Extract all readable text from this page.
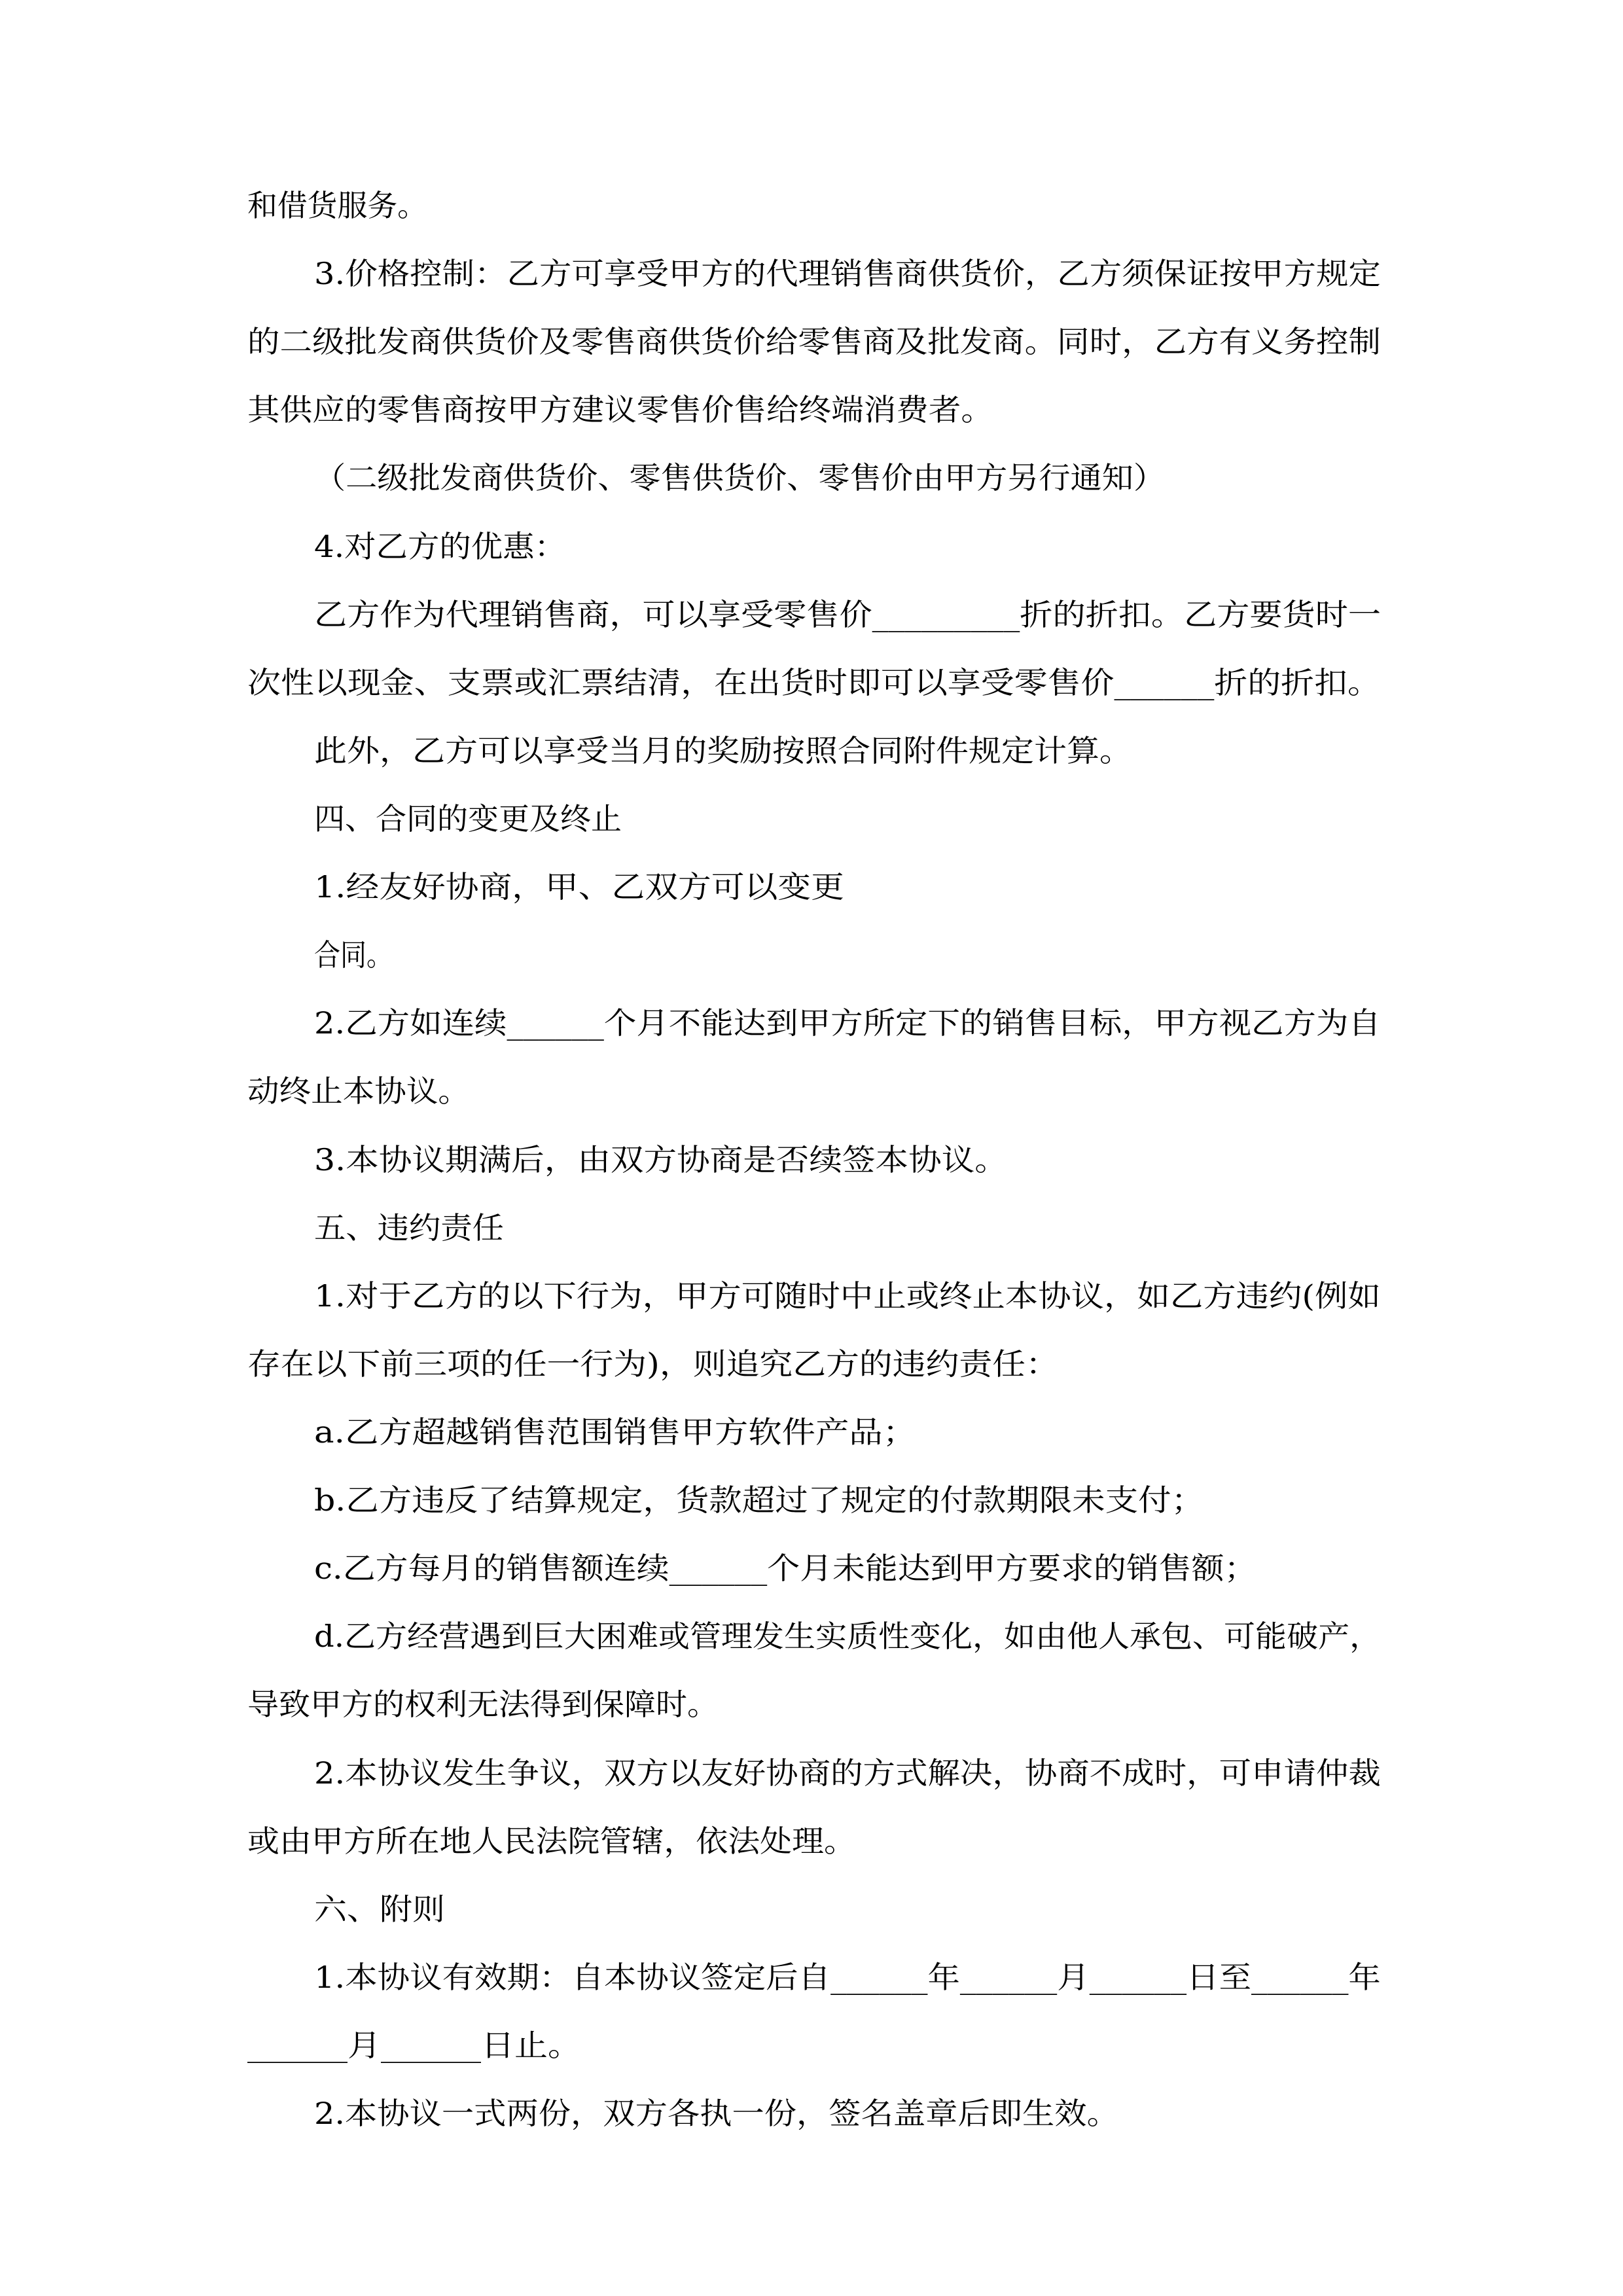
和借货服务。
3.价格控制：乙方可享受甲方的代理销售商供货价，乙方须保证按甲方规定
的二级批发商供货价及零售商供货价给零售商及批发商。同时，乙方有义务控制
其供应的零售商按甲方建议零售价售给终端消费者。
（二级批发商供货价、零售供货价、零售价由甲方另行通知）
4.对乙方的优惠：
乙方作为代理销售商，可以享受零售价_________折的折扣。乙方要货时一
次性以现金、支票或汇票结清，在出货时即可以享受零售价______折的折扣。
此外，乙方可以享受当月的奖励按照合同附件规定计算。
四、合同的变更及终止
1.经友好协商，甲、乙双方可以变更
合同。
2.乙方如连续______个月不能达到甲方所定下的销售目标，甲方视乙方为自
动终止本协议。
3.本协议期满后，由双方协商是否续签本协议。
五、违约责任
1.对于乙方的以下行为，甲方可随时中止或终止本协议，如乙方违约(例如
存在以下前三项的任一行为)，则追究乙方的违约责任：
a.乙方超越销售范围销售甲方软件产品；
b.乙方违反了结算规定，货款超过了规定的付款期限未支付；
c.乙方每月的销售额连续______个月未能达到甲方要求的销售额；
d.乙方经营遇到巨大困难或管理发生实质性变化，如由他人承包、可能破产，
导致甲方的权利无法得到保障时。
2.本协议发生争议，双方以友好协商的方式解决，协商不成时，可申请仲裁
或由甲方所在地人民法院管辖，依法处理。
六、附则
1.本协议有效期：自本协议签定后自______年______月______日至______年
______月______日止。
2.本协议一式两份，双方各执一份，签名盖章后即生效。
